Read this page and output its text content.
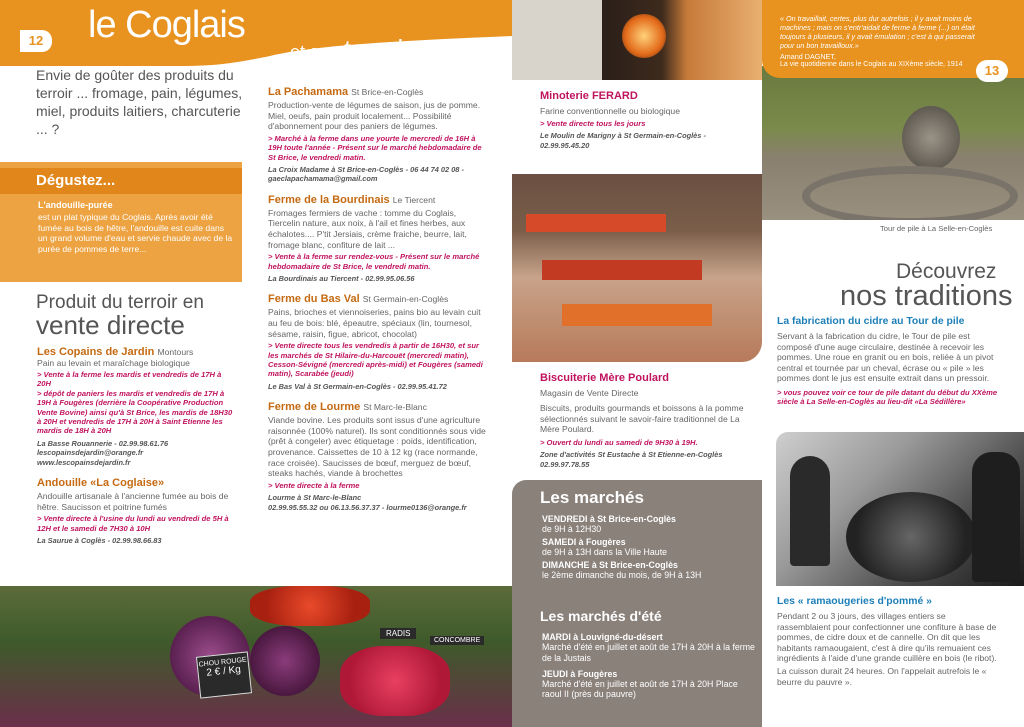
12 le Coglais
et son terroir
Envie de goûter des produits du terroir ... fromage, pain, légumes, miel, produits laitiers, charcuterie ... ?
Dégustez...
L'andouille-purée
est un plat typique du Coglais. Après avoir été fumée au bois de hêtre, l'andouille est cuite dans un grand volume d'eau et servie chaude avec de la purée de pommes de terre...
Produit du terroir en
vente directe
Les Copains de Jardin Montours
Pain au levain et maraîchage biologique
> Vente à la ferme les mardis et vendredis de 17H à 20H
> dépôt de paniers les mardis et vendredis de 17H à 19H à Fougères (derrière la Coopérative Production Vente Bovine) ainsi qu'à St Brice, les mardis de 18H30 à 20H et vendredis de 17H à 20H à Saint Etienne les mardis de 18H à 20H
La Basse Rouannerie - 02.99.98.61.76
lescopainsdejardin@orange.fr
www.lescopainsdejardin.fr
Andouille «La Coglaise»
Andouille artisanale à l'ancienne fumée au bois de hêtre. Saucisson et poitrine fumés
> Vente directe à l'usine du lundi au vendredi de 5H à 12H et le samedi de 7H30 à 10H
La Saurue à Coglès - 02.99.98.66.83
La Pachamama St Brice-en-Coglès
Production-vente de légumes de saison, jus de pomme. Miel, oeufs, pain produit localement... Possibilité d'abonnement pour des paniers de légumes.
> Marché à la ferme dans une yourte le mercredi de 16H à 19H toute l'année - Présent sur le marché hebdomadaire de St Brice, le vendredi matin.
La Croix Madame à St Brice-en-Coglès - 06 44 74 02 08 - gaeclapachamama@gmail.com
Ferme de la Bourdinais Le Tiercent
Fromages fermiers de vache : tomme du Coglais, Tiercelin nature, aux noix, à l'ail et fines herbes, aux échalotes.... P'tit Jersiais, crème fraiche, beurre, lait, fromage blanc, confiture de lait ...
> Vente à la ferme sur rendez-vous - Présent sur le marché hebdomadaire de St Brice, le vendredi matin.
La Bourdinais au Tiercent - 02.99.95.06.56
Ferme du Bas Val St Germain-en-Coglès
Pains, brioches et viennoiseries, pains bio au levain cuit au feu de bois: blé, épeautre, spéciaux (lin, tournesol, sésame, raisin, figue, abricot, chocolat)
> Vente directe tous les vendredis à partir de 16H30, et sur les marchés de St Hilaire-du-Harcouët (mercredi matin), Cesson-Sévigné (mercredi après-midi) et Fougères (samedi matin), Scarabée (jeudi)
Le Bas Val à St Germain-en-Coglès - 02.99.95.41.72
Ferme de Lourme St Marc-le-Blanc
Viande bovine. Les produits sont issus d'une agriculture raisonnée (100% naturel). Ils sont conditionnés sous vide (prêt à congeler) avec étiquetage : poids, identification, provenance. Caissettes de 10 à 12 kg (race normande, race croisée). Saucisses de bœuf, merguez de bœuf, steaks hachés, viande à brochettes
> Vente directe à la ferme
Lourme à St Marc-le-Blanc
02.99.95.55.32 ou 06.13.56.37.37 - lourme0136@orange.fr
Minoterie FERARD
Farine conventionnelle ou biologique
> Vente directe tous les jours
Le Moulin de Marigny à St Germain-en-Coglès - 02.99.95.45.20
Biscuiterie Mère Poulard
Magasin de Vente Directe
Biscuits, produits gourmands et boissons à la pomme sélectionnés suivant le savoir-faire traditionnel de La Mère Poulard.
> Ouvert du lundi au samedi de 9H30 à 19H.
Zone d'activités St Eustache à St Etienne-en-Coglès 02.99.97.78.55
Les marchés
VENDREDI à St Brice-en-Coglès
de 9H à 12H30
SAMEDI à Fougères
de 9H à 13H dans la Ville Haute
DIMANCHE à St Brice-en-Coglès
le 2ème dimanche du mois, de 9H à 13H
Les marchés d'été
MARDI à Louvigné-du-désert
Marché d'été en juillet et août de 17H à 20H à la ferme de la Justais
JEUDI à Fougères
Marché d'été en juillet et août de 17H à 20H Place raoul II (près du pauvre)
CHOU ROUGE
2 € / Kg
RADIS
CONCOMBRE
« On travaillait, certes, plus dur autrefois ; il y avait moins de machines ; mais on s'entr'aidait de ferme à ferme (...) on était toujours à plusieurs, il y avait émulation ; c'est à qui passerait pour un bon travailloux.»
Amand DAGNET,
La vie quotidienne dans le Coglais au XIXème siècle, 1914	13
Tour de pile à La Selle-en-Coglès
Découvrez
nos traditions
La fabrication du cidre au Tour de pile
Servant à la fabrication du cidre, le Tour de pile est composé d'une auge circulaire, destinée à recevoir les pommes. Une roue en granit ou en bois, reliée à un pivot central et tournée par un cheval, écrase ou « pile » les pommes dont le jus est ensuite extrait dans un pressoir.
> vous pouvez voir ce tour de pile datant du début du XXème siècle à La Selle-en-Coglès au lieu-dit «La Sédillère»
Les « ramaougeries d'pommé »
Pendant 2 ou 3 jours, des villages entiers se rassemblaient pour confectionner une confiture à base de pommes, de cidre doux et de cannelle. On dit que les habitants ramaougaient, c'est à dire qu'ils remuaient ces ingrédients à l'aide d'une grande cuillère en bois (le ribot).
La cuisson durait 24 heures. On l'appelait autrefois le « beurre du pauvre ».
